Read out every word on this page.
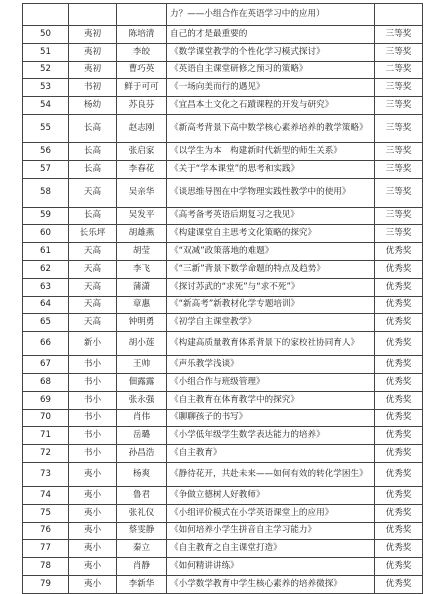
			力？——小组合作在英语学习中的应用）	
50	夷初	陈培清	自己的才是最重要的	三等奖
51	夷初	李皎	《数学课堂教学的个性化学习模式探讨》	三等奖
52	夷初	曹巧英	《英语自主课堂研修之预习的策略》	二等奖
53	书初	鲜于可可	《一场向美而行的遇见》	三等奖
54	杨幼	苏良芬	《宜昌本土文化之石蹟课程的开发与研究》	三等奖
55	长高	赵志刚	《新高考背景下高中数学核心素养培养的教学策略》	三等奖
56	长高	张启家	《以学生为本　构建新时代新型的师生关系》	三等奖
57	长高	李春花	《关于“学本课堂”的思考和实践》	三等奖
58	天高	吴亲华	《谈思维导图在中学物理实践性教学中的使用》	三等奖
59	长高	吴发平	《高考备考英语后期复习之我见》	三等奖
60	长乐坪	胡雄燕	《构建课堂自主思考文化策略的探究》	三等奖
61	天高	胡莹	《“双减”政策落地的难题》	优秀奖
62	天高	李飞	《“三新”背景下数学命题的特点及趋势》	优秀奖
63	天高	蒲潇	《探讨苏武的“求死”与“求不死”》	优秀奖
64	天高	章惠	《“新高考”新教材化学专题培训》	优秀奖
65	天高	钟明勇	《初学自主课堂教学》	优秀奖
66	新小	胡小莲	《构建高质量教育体系背景下的家校社协同育人》	优秀奖
67	书小	王帅	《声乐教学浅谈》	优秀奖
68	书小	佃露露	《小组合作与班级管理》	优秀奖
69	书小	张永强	《自主教育在体育教学中的探究》	优秀奖
70	书小	肖伟	《聊聊孩子的书写》	优秀奖
71	书小	岳璐	《小学低年级学生数学表达能力的培养》	优秀奖
72	书小	孙昌浩	《自主教育》	优秀奖
73	夷小	杨爽	《静待花开，共赴未来——如何有效的转化学困生》	优秀奖
74	夷小	鲁君	《争做立德树人好教师》	优秀奖
75	夷小	张礼仪	《小组评价模式在小学英语课堂上的应用》	优秀奖
76	夷小	蔡雯静	《如何培养小学生拼音自主学习能力》	优秀奖
77	夷小	秦立	《自主教育之自主课堂打造》	优秀奖
78	夷小	肖静	《如何精讲讲练》	优秀奖
79	夷小	李新华	《小学数学教育中学生核心素养的培养微探》	优秀奖
